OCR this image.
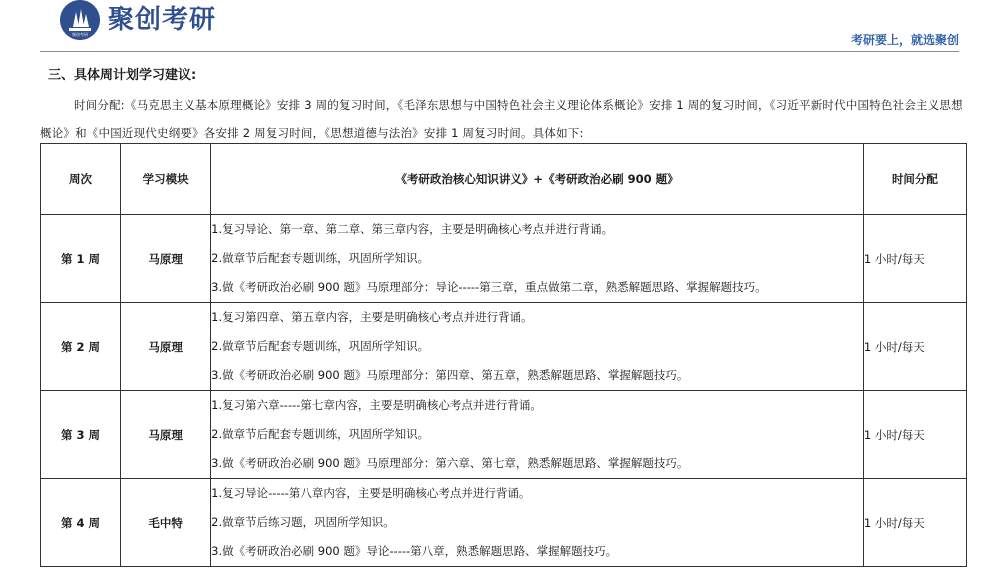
聚创考研 聚创考研
考研要上，就选聚创
三、具体周计划学习建议:
时间分配:《马克思主义基本原理概论》安排 3 周的复习时间，《毛泽东思想与中国特色社会主义理论体系概论》安排 1 周的复习时间，《习近平新时代中国特色社会主义思想概论》和《中国近现代史纲要》各安排 2 周复习时间，《思想道德与法治》安排 1 周复习时间。具体如下:
周次	学习模块	《考研政治核心知识讲义》+《考研政治必刷 900 题》	时间分配
第 1 周	马原理	1.复习导论、第一章、第二章、第三章内容，主要是明确核心考点并进行背诵。
2.做章节后配套专题训练，巩固所学知识。
3.做《考研政治必刷 900 题》马原理部分：导论-----第三章，重点做第二章，熟悉解题思路、掌握解题技巧。	1 小时/每天
第 2 周	马原理	1.复习第四章、第五章内容，主要是明确核心考点并进行背诵。
2.做章节后配套专题训练，巩固所学知识。
3.做《考研政治必刷 900 题》马原理部分：第四章、第五章，熟悉解题思路、掌握解题技巧。	1 小时/每天
第 3 周	马原理	1.复习第六章-----第七章内容，主要是明确核心考点并进行背诵。
2.做章节后配套专题训练，巩固所学知识。
3.做《考研政治必刷 900 题》马原理部分：第六章、第七章，熟悉解题思路、掌握解题技巧。	1 小时/每天
第 4 周	毛中特	1.复习导论-----第八章内容，主要是明确核心考点并进行背诵。
2.做章节后练习题，巩固所学知识。
3.做《考研政治必刷 900 题》导论-----第八章，熟悉解题思路、掌握解题技巧。	1 小时/每天
